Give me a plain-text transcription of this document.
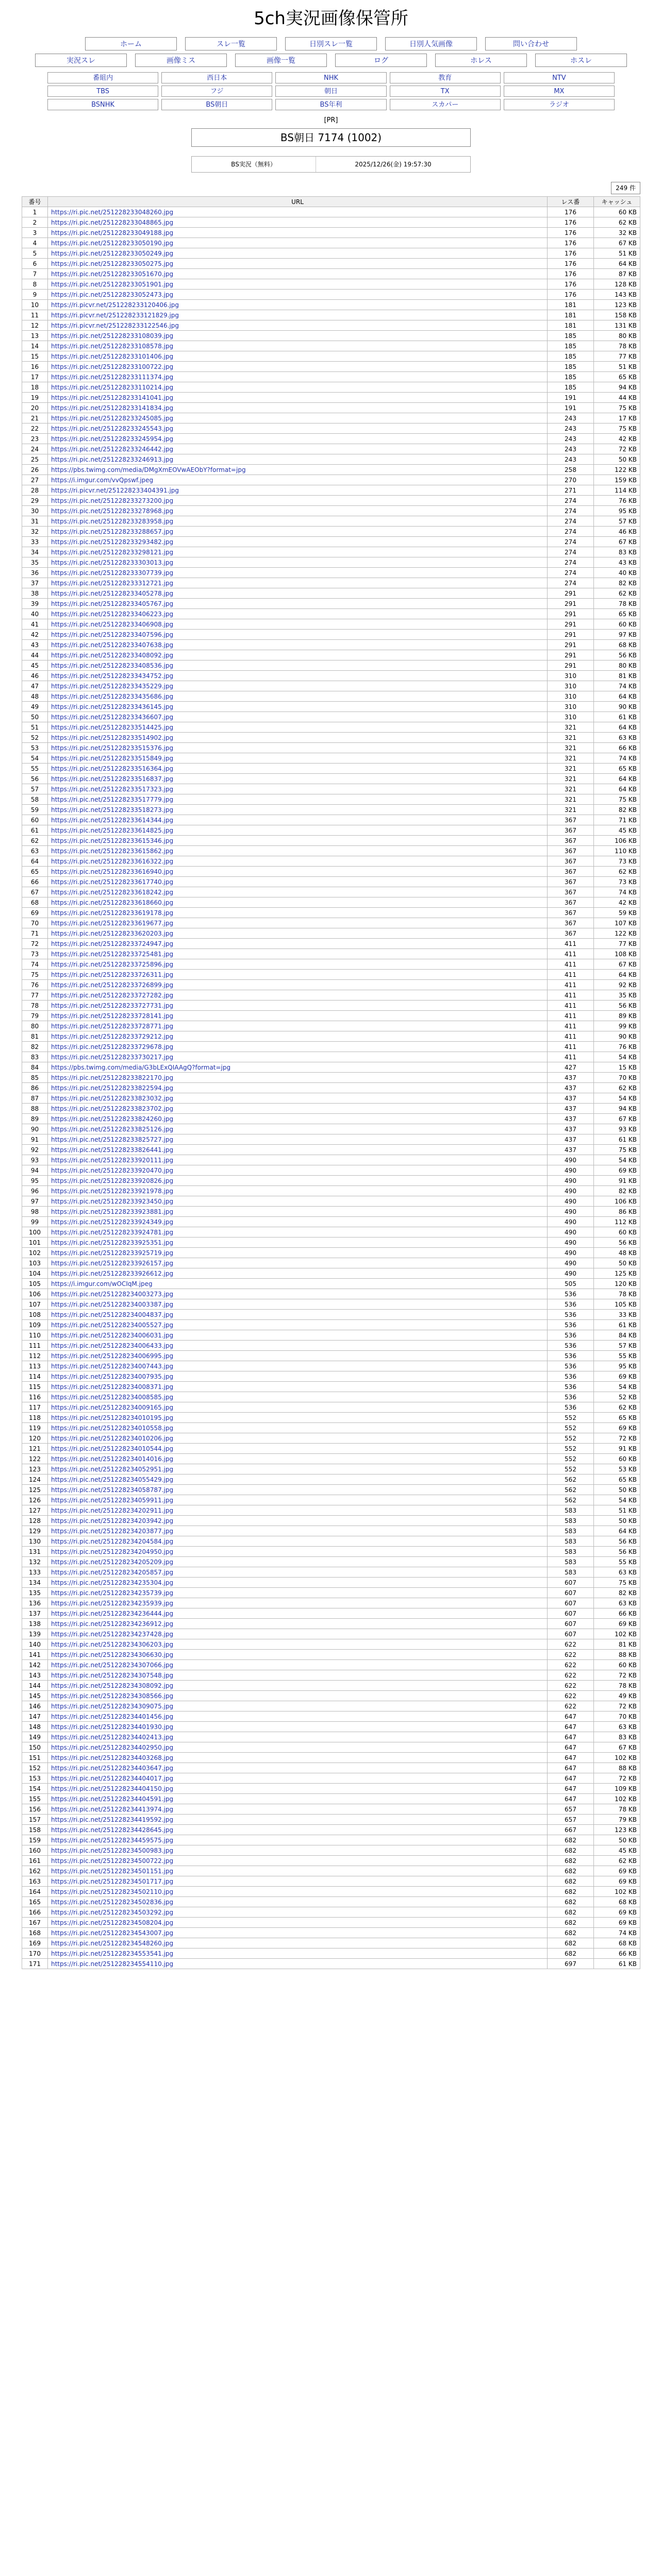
5ch実況画像保管所
ホーム	スレ一覧	日別スレ一覧	日別人気画像	問い合わせ
実況スレ	画像ミス	画像一覧	ログ	ホレス	ホスレ
番組内	西日本	NHK	教育	NTV
TBS	フジ	朝日	TX	MX
BSNHK	BS朝日	BS年利	スカパー	ラジオ
[PR]
BS朝日 7174 (1002)
BS実況（無料）	2025/12/26(金) 19:57:30
249 件
番号	URL	レス番	キャッシュ
1	https://ri.pic.net/251228233048260.jpg	176	60 KB
2	https://ri.pic.net/251228233048865.jpg	176	62 KB
3	https://ri.pic.net/251228233049188.jpg	176	32 KB
4	https://ri.pic.net/251228233050190.jpg	176	67 KB
5	https://ri.pic.net/251228233050249.jpg	176	51 KB
6	https://ri.pic.net/251228233050275.jpg	176	64 KB
7	https://ri.pic.net/251228233051670.jpg	176	87 KB
8	https://ri.pic.net/251228233051901.jpg	176	128 KB
9	https://ri.pic.net/251228233052473.jpg	176	143 KB
10	https://ri.picvr.net/251228233120406.jpg	181	123 KB
11	https://ri.picvr.net/251228233121829.jpg	181	158 KB
12	https://ri.picvr.net/251228233122546.jpg	181	131 KB
13	https://ri.pic.net/251228233108039.jpg	185	80 KB
14	https://ri.pic.net/251228233108578.jpg	185	78 KB
15	https://ri.pic.net/251228233101406.jpg	185	77 KB
16	https://ri.pic.net/251228233100722.jpg	185	51 KB
17	https://ri.pic.net/251228233111374.jpg	185	65 KB
18	https://ri.pic.net/251228233110214.jpg	185	94 KB
19	https://ri.pic.net/251228233141041.jpg	191	44 KB
20	https://ri.pic.net/251228233141834.jpg	191	75 KB
21	https://ri.pic.net/251228233245085.jpg	243	17 KB
22	https://ri.pic.net/251228233245543.jpg	243	75 KB
23	https://ri.pic.net/251228233245954.jpg	243	42 KB
24	https://ri.pic.net/251228233246442.jpg	243	72 KB
25	https://ri.pic.net/251228233246913.jpg	243	50 KB
26	https://pbs.twimg.com/media/DMgXmEOVwAEObY?format=jpg	258	122 KB
27	https://i.imgur.com/vvQpswf.jpeg	270	159 KB
28	https://ri.picvr.net/251228233404391.jpg	271	114 KB
29	https://ri.pic.net/251228233273200.jpg	274	76 KB
30	https://ri.pic.net/251228233278968.jpg	274	95 KB
31	https://ri.pic.net/251228233283958.jpg	274	57 KB
32	https://ri.pic.net/251228233288657.jpg	274	46 KB
33	https://ri.pic.net/251228233293482.jpg	274	67 KB
34	https://ri.pic.net/251228233298121.jpg	274	83 KB
35	https://ri.pic.net/251228233303013.jpg	274	43 KB
36	https://ri.pic.net/251228233307739.jpg	274	40 KB
37	https://ri.pic.net/251228233312721.jpg	274	82 KB
38	https://ri.pic.net/251228233405278.jpg	291	62 KB
39	https://ri.pic.net/251228233405767.jpg	291	78 KB
40	https://ri.pic.net/251228233406223.jpg	291	65 KB
41	https://ri.pic.net/251228233406908.jpg	291	60 KB
42	https://ri.pic.net/251228233407596.jpg	291	97 KB
43	https://ri.pic.net/251228233407638.jpg	291	68 KB
44	https://ri.pic.net/251228233408092.jpg	291	56 KB
45	https://ri.pic.net/251228233408536.jpg	291	80 KB
46	https://ri.pic.net/251228233434752.jpg	310	81 KB
47	https://ri.pic.net/251228233435229.jpg	310	74 KB
48	https://ri.pic.net/251228233435686.jpg	310	64 KB
49	https://ri.pic.net/251228233436145.jpg	310	90 KB
50	https://ri.pic.net/251228233436607.jpg	310	61 KB
51	https://ri.pic.net/251228233514425.jpg	321	64 KB
52	https://ri.pic.net/251228233514902.jpg	321	63 KB
53	https://ri.pic.net/251228233515376.jpg	321	66 KB
54	https://ri.pic.net/251228233515849.jpg	321	74 KB
55	https://ri.pic.net/251228233516364.jpg	321	65 KB
56	https://ri.pic.net/251228233516837.jpg	321	64 KB
57	https://ri.pic.net/251228233517323.jpg	321	64 KB
58	https://ri.pic.net/251228233517779.jpg	321	75 KB
59	https://ri.pic.net/251228233518273.jpg	321	82 KB
60	https://ri.pic.net/251228233614344.jpg	367	71 KB
61	https://ri.pic.net/251228233614825.jpg	367	45 KB
62	https://ri.pic.net/251228233615346.jpg	367	106 KB
63	https://ri.pic.net/251228233615862.jpg	367	110 KB
64	https://ri.pic.net/251228233616322.jpg	367	73 KB
65	https://ri.pic.net/251228233616940.jpg	367	62 KB
66	https://ri.pic.net/251228233617740.jpg	367	73 KB
67	https://ri.pic.net/251228233618242.jpg	367	74 KB
68	https://ri.pic.net/251228233618660.jpg	367	42 KB
69	https://ri.pic.net/251228233619178.jpg	367	59 KB
70	https://ri.pic.net/251228233619677.jpg	367	107 KB
71	https://ri.pic.net/251228233620203.jpg	367	122 KB
72	https://ri.pic.net/251228233724947.jpg	411	77 KB
73	https://ri.pic.net/251228233725481.jpg	411	108 KB
74	https://ri.pic.net/251228233725896.jpg	411	67 KB
75	https://ri.pic.net/251228233726311.jpg	411	64 KB
76	https://ri.pic.net/251228233726899.jpg	411	92 KB
77	https://ri.pic.net/251228233727282.jpg	411	35 KB
78	https://ri.pic.net/251228233727731.jpg	411	56 KB
79	https://ri.pic.net/251228233728141.jpg	411	89 KB
80	https://ri.pic.net/251228233728771.jpg	411	99 KB
81	https://ri.pic.net/251228233729212.jpg	411	90 KB
82	https://ri.pic.net/251228233729678.jpg	411	76 KB
83	https://ri.pic.net/251228233730217.jpg	411	54 KB
84	https://pbs.twimg.com/media/G3bLExQIAAgQ?format=jpg	427	15 KB
85	https://ri.pic.net/251228233822170.jpg	437	70 KB
86	https://ri.pic.net/251228233822594.jpg	437	62 KB
87	https://ri.pic.net/251228233823032.jpg	437	54 KB
88	https://ri.pic.net/251228233823702.jpg	437	94 KB
89	https://ri.pic.net/251228233824260.jpg	437	67 KB
90	https://ri.pic.net/251228233825126.jpg	437	93 KB
91	https://ri.pic.net/251228233825727.jpg	437	61 KB
92	https://ri.pic.net/251228233826441.jpg	437	75 KB
93	https://ri.pic.net/251228233920111.jpg	490	54 KB
94	https://ri.pic.net/251228233920470.jpg	490	69 KB
95	https://ri.pic.net/251228233920826.jpg	490	91 KB
96	https://ri.pic.net/251228233921978.jpg	490	82 KB
97	https://ri.pic.net/251228233923450.jpg	490	106 KB
98	https://ri.pic.net/251228233923881.jpg	490	86 KB
99	https://ri.pic.net/251228233924349.jpg	490	112 KB
100	https://ri.pic.net/251228233924781.jpg	490	60 KB
101	https://ri.pic.net/251228233925351.jpg	490	56 KB
102	https://ri.pic.net/251228233925719.jpg	490	48 KB
103	https://ri.pic.net/251228233926157.jpg	490	50 KB
104	https://ri.pic.net/251228233926612.jpg	490	125 KB
105	https://i.imgur.com/wOCIqM.jpeg	505	120 KB
106	https://ri.pic.net/251228234003273.jpg	536	78 KB
107	https://ri.pic.net/251228234003387.jpg	536	105 KB
108	https://ri.pic.net/251228234004837.jpg	536	33 KB
109	https://ri.pic.net/251228234005527.jpg	536	61 KB
110	https://ri.pic.net/251228234006031.jpg	536	84 KB
111	https://ri.pic.net/251228234006433.jpg	536	57 KB
112	https://ri.pic.net/251228234006995.jpg	536	55 KB
113	https://ri.pic.net/251228234007443.jpg	536	95 KB
114	https://ri.pic.net/251228234007935.jpg	536	69 KB
115	https://ri.pic.net/251228234008371.jpg	536	54 KB
116	https://ri.pic.net/251228234008585.jpg	536	52 KB
117	https://ri.pic.net/251228234009165.jpg	536	62 KB
118	https://ri.pic.net/251228234010195.jpg	552	65 KB
119	https://ri.pic.net/251228234010558.jpg	552	69 KB
120	https://ri.pic.net/251228234010206.jpg	552	72 KB
121	https://ri.pic.net/251228234010544.jpg	552	91 KB
122	https://ri.pic.net/251228234014016.jpg	552	60 KB
123	https://ri.pic.net/251228234052951.jpg	552	53 KB
124	https://ri.pic.net/251228234055429.jpg	562	65 KB
125	https://ri.pic.net/251228234058787.jpg	562	50 KB
126	https://ri.pic.net/251228234059911.jpg	562	54 KB
127	https://ri.pic.net/251228234202911.jpg	583	51 KB
128	https://ri.pic.net/251228234203942.jpg	583	50 KB
129	https://ri.pic.net/251228234203877.jpg	583	64 KB
130	https://ri.pic.net/251228234204584.jpg	583	56 KB
131	https://ri.pic.net/251228234204950.jpg	583	56 KB
132	https://ri.pic.net/251228234205209.jpg	583	55 KB
133	https://ri.pic.net/251228234205857.jpg	583	63 KB
134	https://ri.pic.net/251228234235304.jpg	607	75 KB
135	https://ri.pic.net/251228234235739.jpg	607	82 KB
136	https://ri.pic.net/251228234235939.jpg	607	63 KB
137	https://ri.pic.net/251228234236444.jpg	607	66 KB
138	https://ri.pic.net/251228234236912.jpg	607	69 KB
139	https://ri.pic.net/251228234237428.jpg	607	102 KB
140	https://ri.pic.net/251228234306203.jpg	622	81 KB
141	https://ri.pic.net/251228234306630.jpg	622	88 KB
142	https://ri.pic.net/251228234307066.jpg	622	60 KB
143	https://ri.pic.net/251228234307548.jpg	622	72 KB
144	https://ri.pic.net/251228234308092.jpg	622	78 KB
145	https://ri.pic.net/251228234308566.jpg	622	49 KB
146	https://ri.pic.net/251228234309075.jpg	622	72 KB
147	https://ri.pic.net/251228234401456.jpg	647	70 KB
148	https://ri.pic.net/251228234401930.jpg	647	63 KB
149	https://ri.pic.net/251228234402413.jpg	647	83 KB
150	https://ri.pic.net/251228234402950.jpg	647	67 KB
151	https://ri.pic.net/251228234403268.jpg	647	102 KB
152	https://ri.pic.net/251228234403647.jpg	647	88 KB
153	https://ri.pic.net/251228234404017.jpg	647	72 KB
154	https://ri.pic.net/251228234404150.jpg	647	109 KB
155	https://ri.pic.net/251228234404591.jpg	647	102 KB
156	https://ri.pic.net/251228234413974.jpg	657	78 KB
157	https://ri.pic.net/251228234419592.jpg	657	79 KB
158	https://ri.pic.net/251228234428645.jpg	667	123 KB
159	https://ri.pic.net/251228234459575.jpg	682	50 KB
160	https://ri.pic.net/251228234500983.jpg	682	45 KB
161	https://ri.pic.net/251228234500722.jpg	682	62 KB
162	https://ri.pic.net/251228234501151.jpg	682	69 KB
163	https://ri.pic.net/251228234501717.jpg	682	69 KB
164	https://ri.pic.net/251228234502110.jpg	682	102 KB
165	https://ri.pic.net/251228234502836.jpg	682	68 KB
166	https://ri.pic.net/251228234503292.jpg	682	69 KB
167	https://ri.pic.net/251228234508204.jpg	682	69 KB
168	https://ri.pic.net/251228234543007.jpg	682	74 KB
169	https://ri.pic.net/251228234548260.jpg	682	68 KB
170	https://ri.pic.net/251228234553541.jpg	682	66 KB
171	https://ri.pic.net/251228234554110.jpg	697	61 KB
